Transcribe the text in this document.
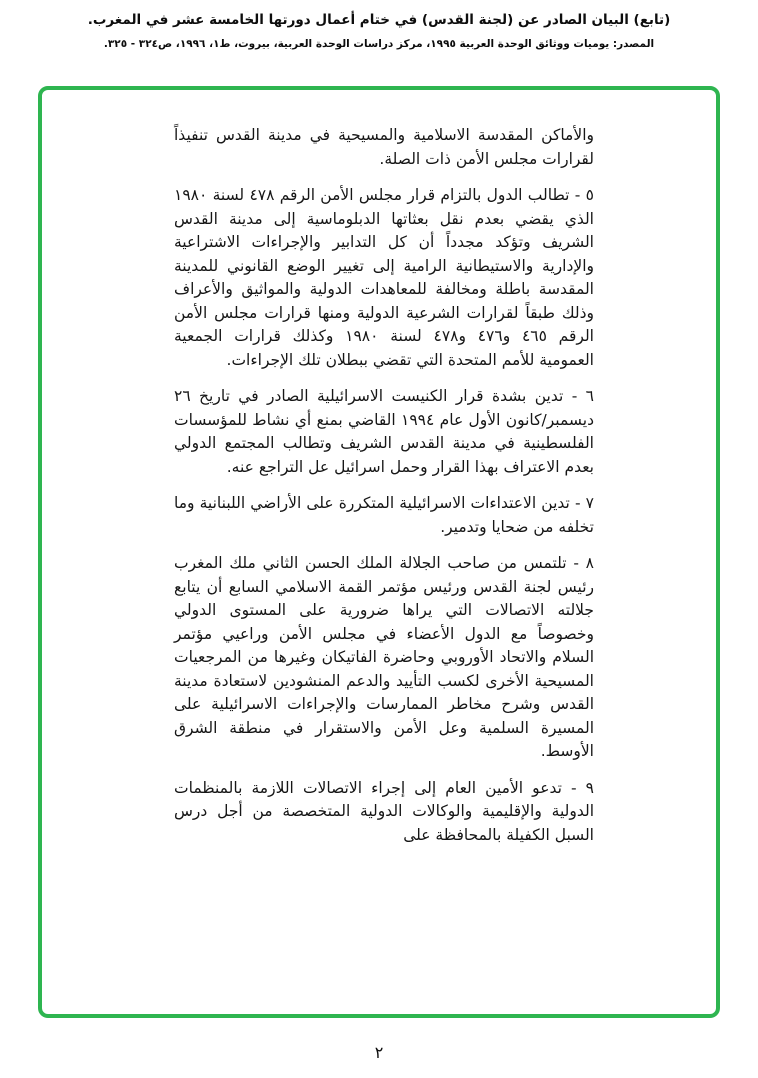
(تابع) البيان الصادر عن (لجنة القدس) في ختام أعمال دورتها الخامسة عشر في المغرب.

المصدر: يوميات ووثائق الوحدة العربية ١٩٩٥، مركز دراسات الوحدة العربية، بيروت، ط١، ١٩٩٦، ص٣٢٤ - ٣٢٥.

والأماكن المقدسة الاسلامية والمسيحية في مدينة القدس تنفيذاً لقرارات مجلس الأمن ذات الصلة.

٥ - تطالب الدول بالتزام قرار مجلس الأمن الرقم ٤٧٨ لسنة ١٩٨٠ الذي يقضي بعدم نقل بعثاتها الدبلوماسية إلى مدينة القدس الشريف وتؤكد مجدداً أن كل التدابير والإجراءات الاشتراعية والإدارية والاستيطانية الرامية إلى تغيير الوضع القانوني للمدينة المقدسة باطلة ومخالفة للمعاهدات الدولية والمواثيق والأعراف وذلك طبقاً لقرارات الشرعية الدولية ومنها قرارات مجلس الأمن الرقم ٤٦٥ و٤٧٦ و٤٧٨ لسنة ١٩٨٠ وكذلك قرارات الجمعية العمومية للأمم المتحدة التي تقضي ببطلان تلك الإجراءات.

٦ - تدين بشدة قرار الكنيست الاسرائيلية الصادر في تاريخ ٢٦ ديسمبر/كانون الأول عام ١٩٩٤ القاضي بمنع أي نشاط للمؤسسات الفلسطينية في مدينة القدس الشريف وتطالب المجتمع الدولي بعدم الاعتراف بهذا القرار وحمل اسرائيل عل التراجع عنه.

٧ - تدين الاعتداءات الاسرائيلية المتكررة على الأراضي اللبنانية وما تخلفه من ضحايا وتدمير.

٨ - تلتمس من صاحب الجلالة الملك الحسن الثاني ملك المغرب رئيس لجنة القدس ورئيس مؤتمر القمة الاسلامي السابع أن يتابع جلالته الاتصالات التي يراها ضرورية على المستوى الدولي وخصوصاً مع الدول الأعضاء في مجلس الأمن وراعيي مؤتمر السلام والاتحاد الأوروبي وحاضرة الفاتيكان وغيرها من المرجعيات المسيحية الأخرى لكسب التأييد والدعم المنشودين لاستعادة مدينة القدس وشرح مخاطر الممارسات والإجراءات الاسرائيلية على المسيرة السلمية وعل الأمن والاستقرار في منطقة الشرق الأوسط.

٩ - تدعو الأمين العام إلى إجراء الاتصالات اللازمة بالمنظمات الدولية والإقليمية والوكالات الدولية المتخصصة من أجل درس السبل الكفيلة بالمحافظة على

٢
